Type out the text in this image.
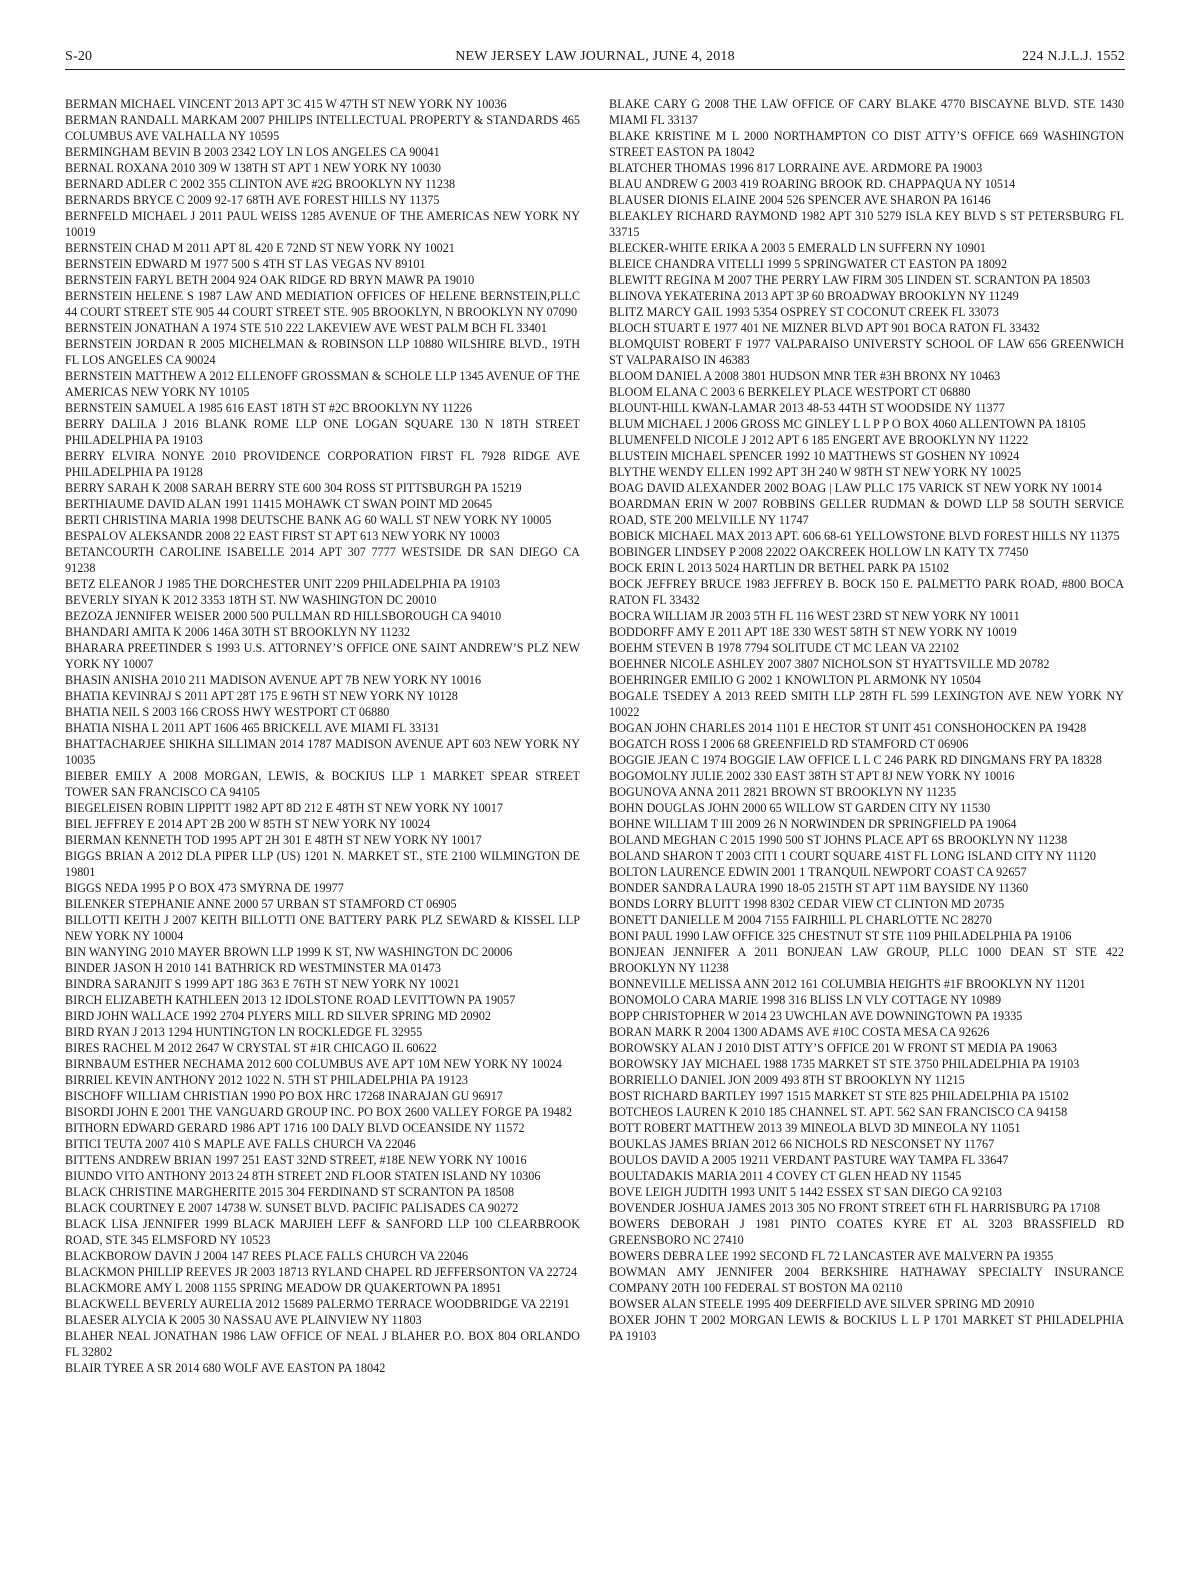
S-20	NEW JERSEY LAW JOURNAL, JUNE 4, 2018	224 N.J.L.J. 1552

BERMAN MICHAEL VINCENT 2013 APT 3C 415 W 47TH ST NEW YORK NY 10036

BERMAN RANDALL MARKAM 2007 PHILIPS INTELLECTUAL PROPERTY & STANDARDS 465 COLUMBUS AVE VALHALLA NY 10595

BERMINGHAM BEVIN B 2003 2342 LOY LN LOS ANGELES CA 90041

BERNAL ROXANA 2010 309 W 138TH ST APT 1 NEW YORK NY 10030

BERNARD ADLER C 2002 355 CLINTON AVE #2G BROOKLYN NY 11238

BERNARDS BRYCE C 2009 92-17 68TH AVE FOREST HILLS NY 11375

BERNFELD MICHAEL J 2011 PAUL WEISS 1285 AVENUE OF THE AMERICAS NEW YORK NY 10019

BERNSTEIN CHAD M 2011 APT 8L 420 E 72ND ST NEW YORK NY 10021

BERNSTEIN EDWARD M 1977 500 S 4TH ST LAS VEGAS NV 89101

BERNSTEIN FARYL BETH 2004 924 OAK RIDGE RD BRYN MAWR PA 19010

BERNSTEIN HELENE S 1987 LAW AND MEDIATION OFFICES OF HELENE BERNSTEIN,PLLC 44 COURT STREET STE 905 44 COURT STREET STE. 905 BROOKLYN, N BROOKLYN NY 07090

BERNSTEIN JONATHAN A 1974 STE 510 222 LAKEVIEW AVE WEST PALM BCH FL 33401

BERNSTEIN JORDAN R 2005 MICHELMAN & ROBINSON LLP 10880 WILSHIRE BLVD., 19TH FL LOS ANGELES CA 90024

BERNSTEIN MATTHEW A 2012 ELLENOFF GROSSMAN & SCHOLE LLP 1345 AVENUE OF THE AMERICAS NEW YORK NY 10105

BERNSTEIN SAMUEL A 1985 616 EAST 18TH ST #2C BROOKLYN NY 11226

BERRY DALILA J 2016 BLANK ROME LLP ONE LOGAN SQUARE 130 N 18TH STREET PHILADELPHIA PA 19103

BERRY ELVIRA NONYE 2010 PROVIDENCE CORPORATION FIRST FL 7928 RIDGE AVE PHILADELPHIA PA 19128

BERRY SARAH K 2008 SARAH BERRY STE 600 304 ROSS ST PITTSBURGH PA 15219

BERTHIAUME DAVID ALAN 1991 11415 MOHAWK CT SWAN POINT MD 20645

BERTI CHRISTINA MARIA 1998 DEUTSCHE BANK AG 60 WALL ST NEW YORK NY 10005

BESPALOV ALEKSANDR 2008 22 EAST FIRST ST APT 613 NEW YORK NY 10003

BETANCOURTH CAROLINE ISABELLE 2014 APT 307 7777 WESTSIDE DR SAN DIEGO CA 91238

BETZ ELEANOR J 1985 THE DORCHESTER UNIT 2209 PHILADELPHIA PA 19103

BEVERLY SIYAN K 2012 3353 18TH ST. NW WASHINGTON DC 20010

BEZOZA JENNIFER WEISER 2000 500 PULLMAN RD HILLSBOROUGH CA 94010

BHANDARI AMITA K 2006 146A 30TH ST BROOKLYN NY 11232

BHARARA PREETINDER S 1993 U.S. ATTORNEY’S OFFICE ONE SAINT ANDREW’S PLZ NEW YORK NY 10007

BHASIN ANISHA 2010 211 MADISON AVENUE APT 7B NEW YORK NY 10016

BHATIA KEVINRAJ S 2011 APT 28T 175 E 96TH ST NEW YORK NY 10128

BHATIA NEIL S 2003 166 CROSS HWY WESTPORT CT 06880

BHATIA NISHA L 2011 APT 1606 465 BRICKELL AVE MIAMI FL 33131

BHATTACHARJEE SHIKHA SILLIMAN 2014 1787 MADISON AVENUE APT 603 NEW YORK NY 10035

BIEBER EMILY A 2008 MORGAN, LEWIS, & BOCKIUS LLP 1 MARKET SPEAR STREET TOWER SAN FRANCISCO CA 94105

BIEGELEISEN ROBIN LIPPITT 1982 APT 8D 212 E 48TH ST NEW YORK NY 10017

BIEL JEFFREY E 2014 APT 2B 200 W 85TH ST NEW YORK NY 10024

BIERMAN KENNETH TOD 1995 APT 2H 301 E 48TH ST NEW YORK NY 10017

BIGGS BRIAN A 2012 DLA PIPER LLP (US) 1201 N. MARKET ST., STE 2100 WILMINGTON DE 19801

BIGGS NEDA 1995 P O BOX 473 SMYRNA DE 19977

BILENKER STEPHANIE ANNE 2000 57 URBAN ST STAMFORD CT 06905

BILLOTTI KEITH J 2007 KEITH BILLOTTI ONE BATTERY PARK PLZ SEWARD & KISSEL LLP NEW YORK NY 10004

BIN WANYING 2010 MAYER BROWN LLP 1999 K ST, NW WASHINGTON DC 20006

BINDER JASON H 2010 141 BATHRICK RD WESTMINSTER MA 01473

BINDRA SARANJIT S 1999 APT 18G 363 E 76TH ST NEW YORK NY 10021

BIRCH ELIZABETH KATHLEEN 2013 12 IDOLSTONE ROAD LEVITTOWN PA 19057

BIRD JOHN WALLACE 1992 2704 PLYERS MILL RD SILVER SPRING MD 20902

BIRD RYAN J 2013 1294 HUNTINGTON LN ROCKLEDGE FL 32955

BIRES RACHEL M 2012 2647 W CRYSTAL ST #1R CHICAGO IL 60622

BIRNBAUM ESTHER NECHAMA 2012 600 COLUMBUS AVE APT 10M NEW YORK NY 10024

BIRRIEL KEVIN ANTHONY 2012 1022 N. 5TH ST PHILADELPHIA PA 19123

BISCHOFF WILLIAM CHRISTIAN 1990 PO BOX HRC 17268 INARAJAN GU 96917

BISORDI JOHN E 2001 THE VANGUARD GROUP INC. PO BOX 2600 VALLEY FORGE PA 19482

BITHORN EDWARD GERARD 1986 APT 1716 100 DALY BLVD OCEANSIDE NY 11572

BITICI TEUTA 2007 410 S MAPLE AVE FALLS CHURCH VA 22046

BITTENS ANDREW BRIAN 1997 251 EAST 32ND STREET, #18E NEW YORK NY 10016

BIUNDO VITO ANTHONY 2013 24 8TH STREET 2ND FLOOR STATEN ISLAND NY 10306

BLACK CHRISTINE MARGHERITE 2015 304 FERDINAND ST SCRANTON PA 18508

BLACK COURTNEY E 2007 14738 W. SUNSET BLVD. PACIFIC PALISADES CA 90272

BLACK LISA JENNIFER 1999 BLACK MARJIEH LEFF & SANFORD LLP 100 CLEARBROOK ROAD, STE 345 ELMSFORD NY 10523

BLACKBOROW DAVIN J 2004 147 REES PLACE FALLS CHURCH VA 22046

BLACKMON PHILLIP REEVES JR 2003 18713 RYLAND CHAPEL RD JEFFERSONTON VA 22724

BLACKMORE AMY L 2008 1155 SPRING MEADOW DR QUAKERTOWN PA 18951

BLACKWELL BEVERLY AURELIA 2012 15689 PALERMO TERRACE WOODBRIDGE VA 22191

BLAESER ALYCIA K 2005 30 NASSAU AVE PLAINVIEW NY 11803

BLAHER NEAL JONATHAN 1986 LAW OFFICE OF NEAL J BLAHER P.O. BOX 804 ORLANDO FL 32802

BLAIR TYREE A SR 2014 680 WOLF AVE EASTON PA 18042

BLAKE CARY G 2008 THE LAW OFFICE OF CARY BLAKE 4770 BISCAYNE BLVD. STE 1430 MIAMI FL 33137

BLAKE KRISTINE M L 2000 NORTHAMPTON CO DIST ATTY’S OFFICE 669 WASHINGTON STREET EASTON PA 18042

BLATCHER THOMAS 1996 817 LORRAINE AVE. ARDMORE PA 19003

BLAU ANDREW G 2003 419 ROARING BROOK RD. CHAPPAQUA NY 10514

BLAUSER DIONIS ELAINE 2004 526 SPENCER AVE SHARON PA 16146

BLEAKLEY RICHARD RAYMOND 1982 APT 310 5279 ISLA KEY BLVD S ST PETERSBURG FL 33715

BLECKER-WHITE ERIKA A 2003 5 EMERALD LN SUFFERN NY 10901

BLEICE CHANDRA VITELLI 1999 5 SPRINGWATER CT EASTON PA 18092

BLEWITT REGINA M 2007 THE PERRY LAW FIRM 305 LINDEN ST. SCRANTON PA 18503

BLINOVA YEKATERINA 2013 APT 3P 60 BROADWAY BROOKLYN NY 11249

BLITZ MARCY GAIL 1993 5354 OSPREY ST COCONUT CREEK FL 33073

BLOCH STUART E 1977 401 NE MIZNER BLVD APT 901 BOCA RATON FL 33432

BLOMQUIST ROBERT F 1977 VALPARAISO UNIVERSTY SCHOOL OF LAW 656 GREENWICH ST VALPARAISO IN 46383

BLOOM DANIEL A 2008 3801 HUDSON MNR TER #3H BRONX NY 10463

BLOOM ELANA C 2003 6 BERKELEY PLACE WESTPORT CT 06880

BLOUNT-HILL KWAN-LAMAR 2013 48-53 44TH ST WOODSIDE NY 11377

BLUM MICHAEL J 2006 GROSS MC GINLEY L L P P O BOX 4060 ALLENTOWN PA 18105

BLUMENFELD NICOLE J 2012 APT 6 185 ENGERT AVE BROOKLYN NY 11222

BLUSTEIN MICHAEL SPENCER 1992 10 MATTHEWS ST GOSHEN NY 10924

BLYTHE WENDY ELLEN 1992 APT 3H 240 W 98TH ST NEW YORK NY 10025

BOAG DAVID ALEXANDER 2002 BOAG | LAW PLLC 175 VARICK ST NEW YORK NY 10014

BOARDMAN ERIN W 2007 ROBBINS GELLER RUDMAN & DOWD LLP 58 SOUTH SERVICE ROAD, STE 200 MELVILLE NY 11747

BOBICK MICHAEL MAX 2013 APT. 606 68-61 YELLOWSTONE BLVD FOREST HILLS NY 11375

BOBINGER LINDSEY P 2008 22022 OAKCREEK HOLLOW LN KATY TX 77450

BOCK ERIN L 2013 5024 HARTLIN DR BETHEL PARK PA 15102

BOCK JEFFREY BRUCE 1983 JEFFREY B. BOCK 150 E. PALMETTO PARK ROAD, #800 BOCA RATON FL 33432

BOCRA WILLIAM JR 2003 5TH FL 116 WEST 23RD ST NEW YORK NY 10011

BODDORFF AMY E 2011 APT 18E 330 WEST 58TH ST NEW YORK NY 10019

BOEHM STEVEN B 1978 7794 SOLITUDE CT MC LEAN VA 22102

BOEHNER NICOLE ASHLEY 2007 3807 NICHOLSON ST HYATTSVILLE MD 20782

BOEHRINGER EMILIO G 2002 1 KNOWLTON PL ARMONK NY 10504

BOGALE TSEDEY A 2013 REED SMITH LLP 28TH FL 599 LEXINGTON AVE NEW YORK NY 10022

BOGAN JOHN CHARLES 2014 1101 E HECTOR ST UNIT 451 CONSHOHOCKEN PA 19428

BOGATCH ROSS I 2006 68 GREENFIELD RD STAMFORD CT 06906

BOGGIE JEAN C 1974 BOGGIE LAW OFFICE L L C 246 PARK RD DINGMANS FRY PA 18328

BOGOMOLNY JULIE 2002 330 EAST 38TH ST APT 8J NEW YORK NY 10016

BOGUNOVA ANNA 2011 2821 BROWN ST BROOKLYN NY 11235

BOHN DOUGLAS JOHN 2000 65 WILLOW ST GARDEN CITY NY 11530

BOHNE WILLIAM T III 2009 26 N NORWINDEN DR SPRINGFIELD PA 19064

BOLAND MEGHAN C 2015 1990 500 ST JOHNS PLACE APT 6S BROOKLYN NY 11238

BOLAND SHARON T 2003 CITI 1 COURT SQUARE 41ST FL LONG ISLAND CITY NY 11120

BOLTON LAURENCE EDWIN 2001 1 TRANQUIL NEWPORT COAST CA 92657

BONDER SANDRA LAURA 1990 18-05 215TH ST APT 11M BAYSIDE NY 11360

BONDS LORRY BLUITT 1998 8302 CEDAR VIEW CT CLINTON MD 20735

BONETT DANIELLE M 2004 7155 FAIRHILL PL CHARLOTTE NC 28270

BONI PAUL 1990 LAW OFFICE 325 CHESTNUT ST STE 1109 PHILADELPHIA PA 19106

BONJEAN JENNIFER A 2011 BONJEAN LAW GROUP, PLLC 1000 DEAN ST STE 422 BROOKLYN NY 11238

BONNEVILLE MELISSA ANN 2012 161 COLUMBIA HEIGHTS #1F BROOKLYN NY 11201

BONOMOLO CARA MARIE 1998 316 BLISS LN VLY COTTAGE NY 10989

BOPP CHRISTOPHER W 2014 23 UWCHLAN AVE DOWNINGTOWN PA 19335

BORAN MARK R 2004 1300 ADAMS AVE #10C COSTA MESA CA 92626

BOROWSKY ALAN J 2010 DIST ATTY’S OFFICE 201 W FRONT ST MEDIA PA 19063

BOROWSKY JAY MICHAEL 1988 1735 MARKET ST STE 3750 PHILADELPHIA PA 19103

BORRIELLO DANIEL JON 2009 493 8TH ST BROOKLYN NY 11215

BOST RICHARD BARTLEY 1997 1515 MARKET ST STE 825 PHILADELPHIA PA 15102

BOTCHEOS LAUREN K 2010 185 CHANNEL ST. APT. 562 SAN FRANCISCO CA 94158

BOTT ROBERT MATTHEW 2013 39 MINEOLA BLVD 3D MINEOLA NY 11051

BOUKLAS JAMES BRIAN 2012 66 NICHOLS RD NESCONSET NY 11767

BOULOS DAVID A 2005 19211 VERDANT PASTURE WAY TAMPA FL 33647

BOULTADAKIS MARIA 2011 4 COVEY CT GLEN HEAD NY 11545

BOVE LEIGH JUDITH 1993 UNIT 5 1442 ESSEX ST SAN DIEGO CA 92103

BOVENDER JOSHUA JAMES 2013 305 NO FRONT STREET 6TH FL HARRISBURG PA 17108

BOWERS DEBORAH J 1981 PINTO COATES KYRE ET AL 3203 BRASSFIELD RD GREENSBORO NC 27410

BOWERS DEBRA LEE 1992 SECOND FL 72 LANCASTER AVE MALVERN PA 19355

BOWMAN AMY JENNIFER 2004 BERKSHIRE HATHAWAY SPECIALTY INSURANCE COMPANY 20TH 100 FEDERAL ST BOSTON MA 02110

BOWSER ALAN STEELE 1995 409 DEERFIELD AVE SILVER SPRING MD 20910

BOXER JOHN T 2002 MORGAN LEWIS & BOCKIUS L L P 1701 MARKET ST PHILADELPHIA PA 19103
